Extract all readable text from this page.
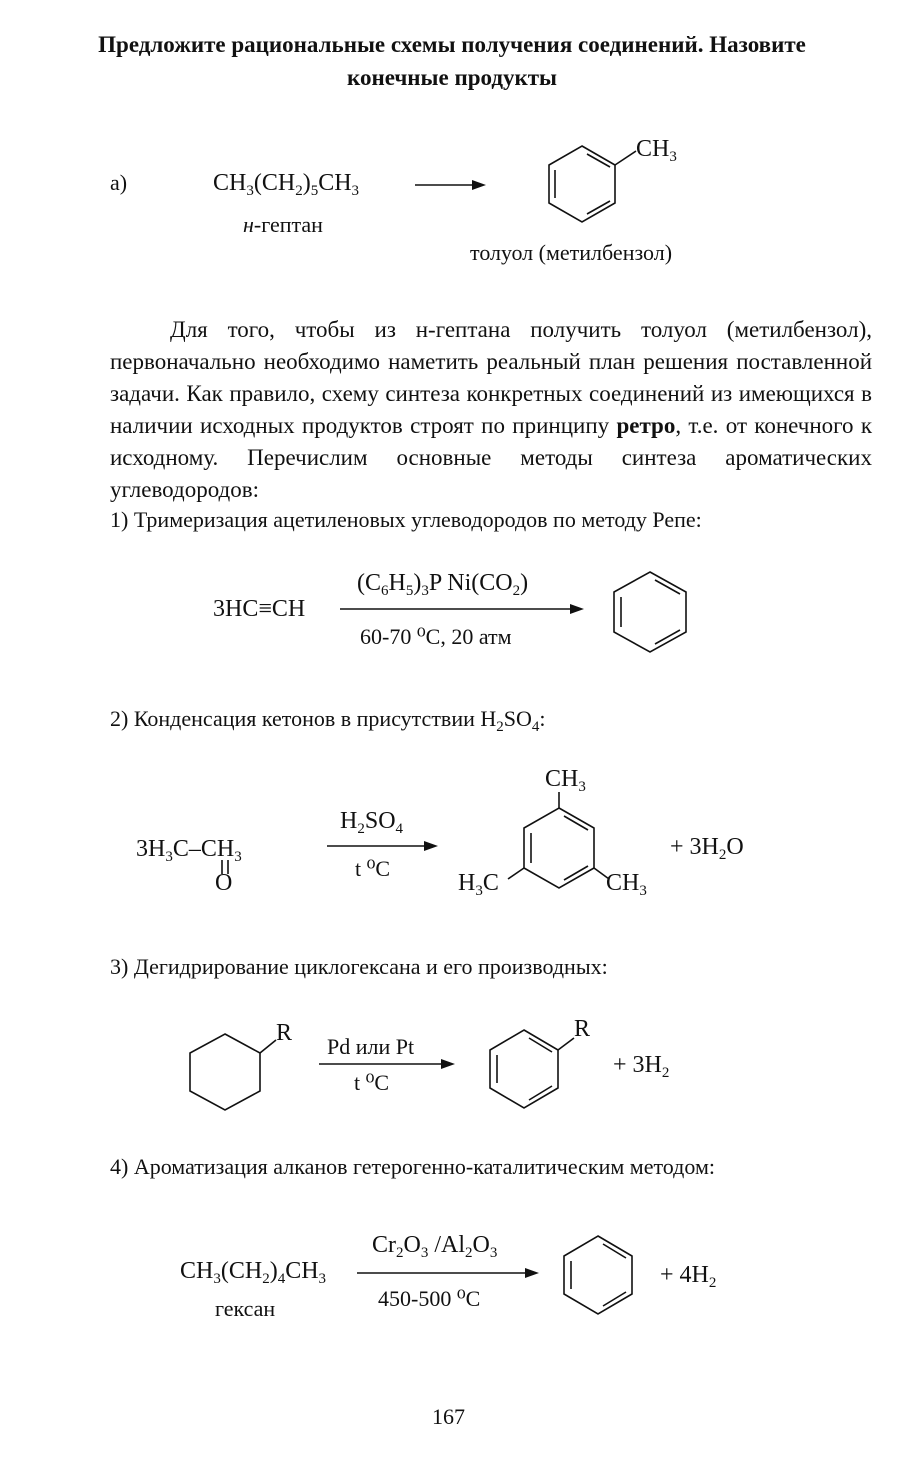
Предложите рациональные схемы получения соединений. Назовите
конечные продукты
а)	$CH_3(CH_2)_5CH_3$
н-гептан
$CH_3$
толуол (метилбензол)
Для того, чтобы из н-гептана получить толуол (метилбензол), первоначально необходимо наметить реальный план решения поставленной задачи. Как правило, схему синтеза конкретных соединений из имеющихся в наличии исходных продуктов строят по принципу ретро, т.е. от конечного к исходному. Перечислим основные методы синтеза ароматических углеводородов:
1) Тримеризация ацетиленовых углеводородов по методу Репе:
3HC≡CH
$(C_6H_5)_3P$ $Ni(CO_2)$
60-70 ⁰С, 20 атм
2) Конденсация кетонов в присутствии $H_2SO_4$:
$3H_3C-CH_3$
O
$H_2SO_4$
t ⁰C
$CH_3$
$H_3C$	$CH_3$
+ $3H_2O$
3) Дегидрирование циклогексана и его производных:
R
Pd или Pt
t ⁰C
R
+ $3H_2$
4) Ароматизация алканов гетерогенно-каталитическим методом:
$CH_3(CH_2)_4CH_3$
гексан
$Cr_2O_3$ $/Al_2O_3$
450-500 ⁰С
+ $4H_2$
167
